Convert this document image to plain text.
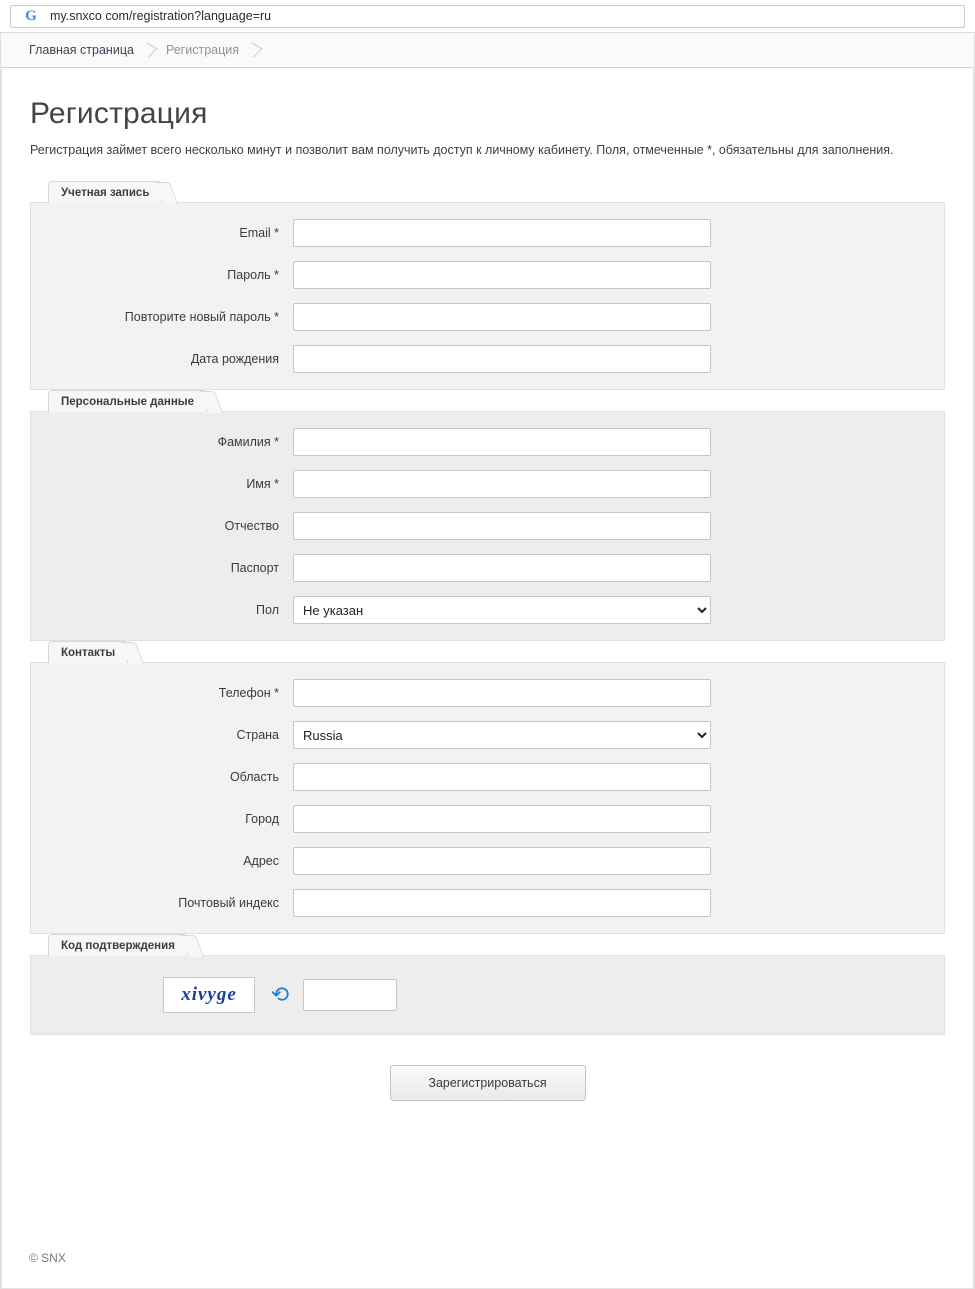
G	my.snxco com/registration?language=ru
Главная страница	Регистрация
Регистрация

Регистрация займет всего несколько минут и позволит вам получить доступ к личному кабинету. Поля, отмеченные *, обязательны для заполнения.

Учетная запись
Email *
Пароль *
Повторите новый пароль *
Дата рождения
Персональные данные
Фамилия *
Имя *
Отчество
Паспорт
Пол
Не указан
Контакты
Телефон *
Страна
Russia
Область
Город
Адрес
Почтовый индекс
Код подтверждения
xivyge ⟳
Зарегистрироваться
© SNX
